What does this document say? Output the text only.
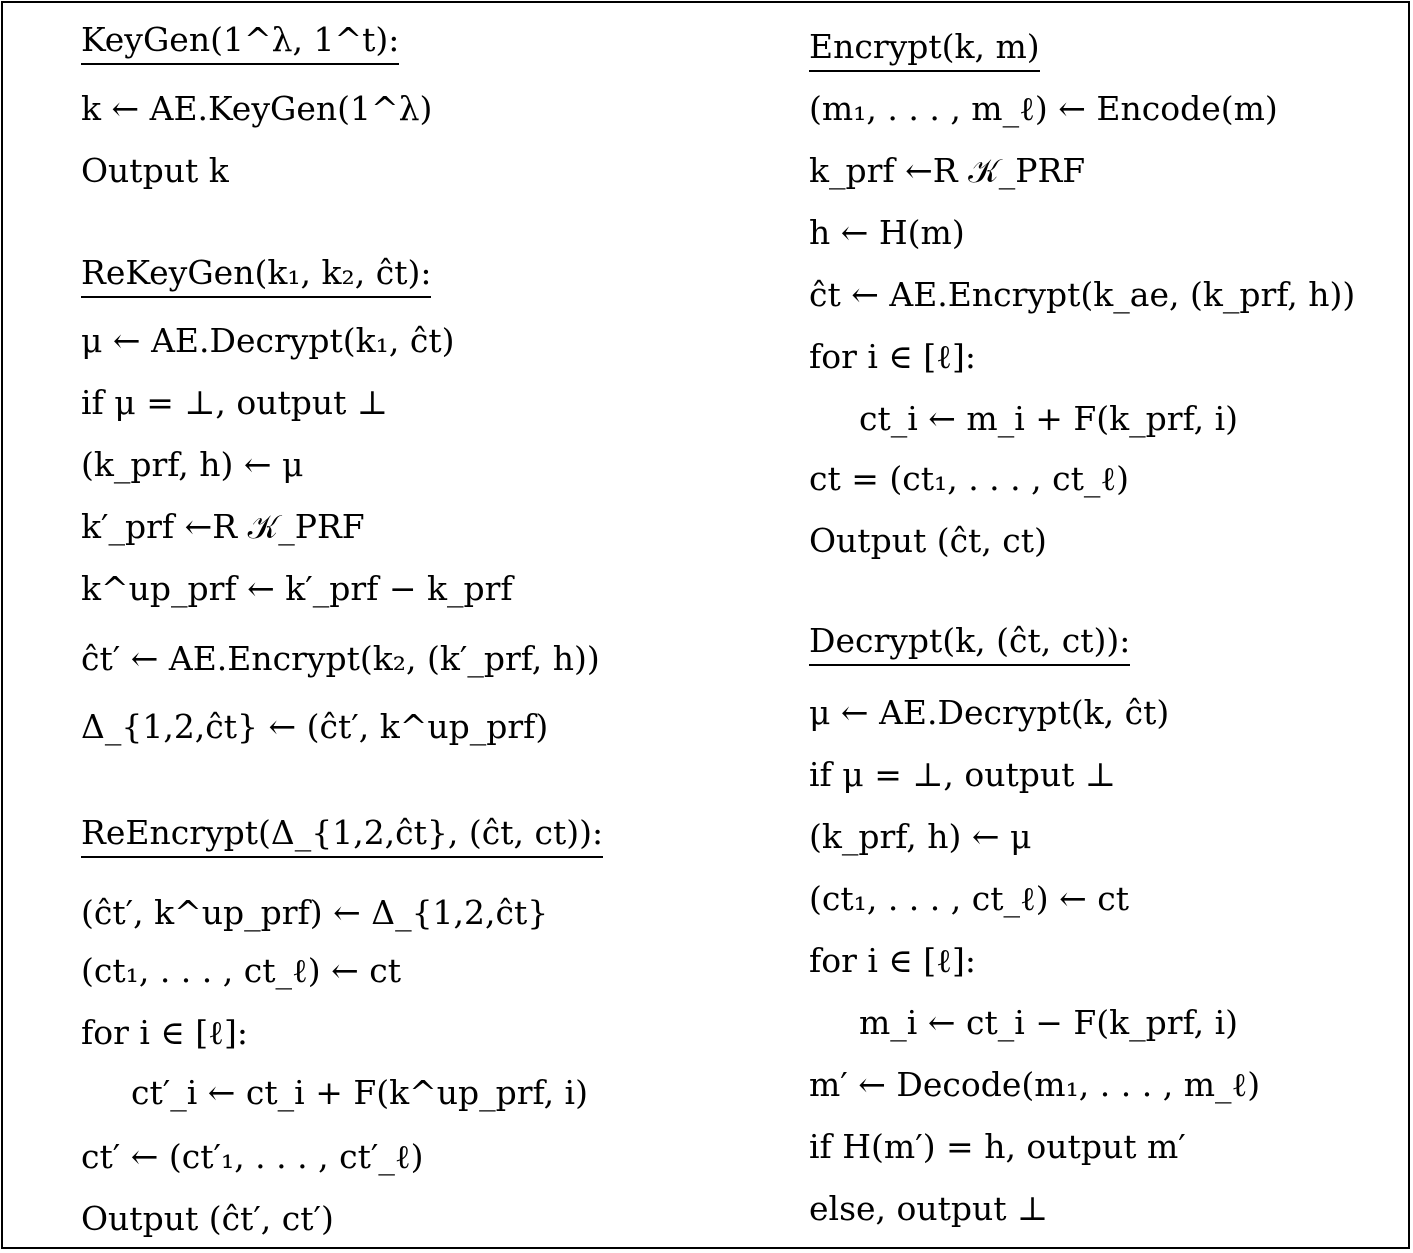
KeyGen(1^λ, 1^t):
k ← AE.KeyGen(1^λ)
Output k
ReKeyGen(k₁, k₂, ĉt):
μ ← AE.Decrypt(k₁, ĉt)
if μ = ⊥, output ⊥
(k_prf, h) ← μ
k′_prf ←R 𝒦_PRF
k^up_prf ← k′_prf − k_prf
ĉt′ ← AE.Encrypt(k₂, (k′_prf, h))
Δ_{1,2,ĉt} ← (ĉt′, k^up_prf)
ReEncrypt(Δ_{1,2,ĉt}, (ĉt, ct)):
(ĉt′, k^up_prf) ← Δ_{1,2,ĉt}
(ct₁, . . . , ct_ℓ) ← ct
for i ∈ [ℓ]:
ct′_i ← ct_i + F(k^up_prf, i)
ct′ ← (ct′₁, . . . , ct′_ℓ)
Output (ĉt′, ct′)
Encrypt(k, m)
(m₁, . . . , m_ℓ) ← Encode(m)
k_prf ←R 𝒦_PRF
h ← H(m)
ĉt ← AE.Encrypt(k_ae, (k_prf, h))
for i ∈ [ℓ]:
ct_i ← m_i + F(k_prf, i)
ct = (ct₁, . . . , ct_ℓ)
Output (ĉt, ct)
Decrypt(k, (ĉt, ct)):
μ ← AE.Decrypt(k, ĉt)
if μ = ⊥, output ⊥
(k_prf, h) ← μ
(ct₁, . . . , ct_ℓ) ← ct
for i ∈ [ℓ]:
m_i ← ct_i − F(k_prf, i)
m′ ← Decode(m₁, . . . , m_ℓ)
if H(m′) = h, output m′
else, output ⊥
